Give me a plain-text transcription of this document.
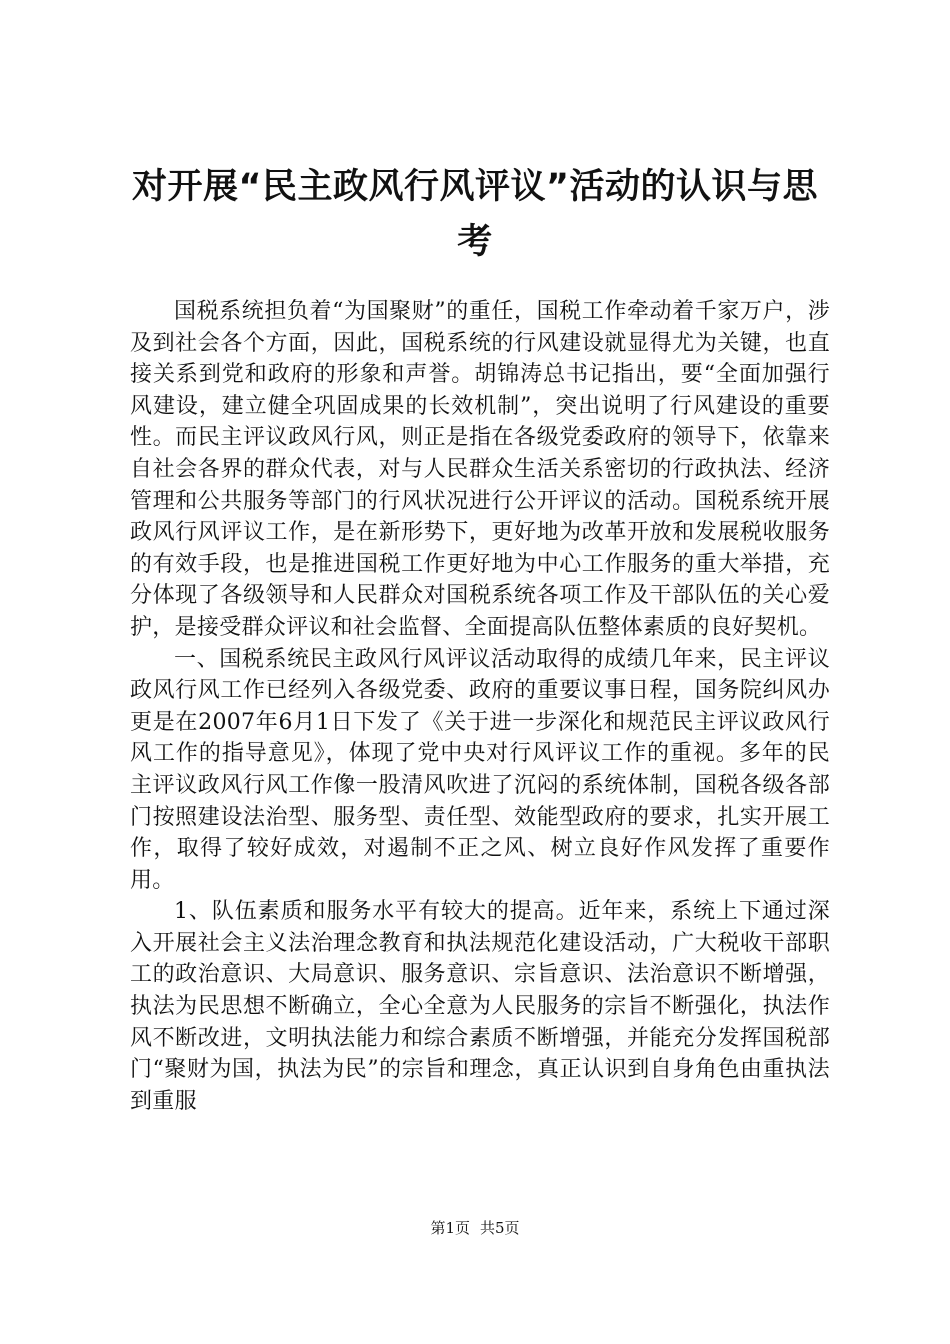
对开展“民主政风行风评议”活动的认识与思考

国税系统担负着“为国聚财”的重任，国税工作牵动着千家万户，涉及到社会各个方面，因此，国税系统的行风建设就显得尤为关键，也直接关系到党和政府的形象和声誉。胡锦涛总书记指出，要“全面加强行风建设，建立健全巩固成果的长效机制”，突出说明了行风建设的重要性。而民主评议政风行风，则正是指在各级党委政府的领导下，依靠来自社会各界的群众代表，对与人民群众生活关系密切的行政执法、经济管理和公共服务等部门的行风状况进行公开评议的活动。国税系统开展政风行风评议工作，是在新形势下，更好地为改革开放和发展税收服务的有效手段，也是推进国税工作更好地为中心工作服务的重大举措，充分体现了各级领导和人民群众对国税系统各项工作及干部队伍的关心爱护，是接受群众评议和社会监督、全面提高队伍整体素质的良好契机。

一、国税系统民主政风行风评议活动取得的成绩几年来，民主评议政风行风工作已经列入各级党委、政府的重要议事日程，国务院纠风办更是在2007年6月1日下发了《关于进一步深化和规范民主评议政风行风工作的指导意见》，体现了党中央对行风评议工作的重视。多年的民主评议政风行风工作像一股清风吹进了沉闷的系统体制，国税各级各部门按照建设法治型、服务型、责任型、效能型政府的要求，扎实开展工作，取得了较好成效，对遏制不正之风、树立良好作风发挥了重要作用。

1、队伍素质和服务水平有较大的提高。近年来，系统上下通过深入开展社会主义法治理念教育和执法规范化建设活动，广大税收干部职工的政治意识、大局意识、服务意识、宗旨意识、法治意识不断增强，执法为民思想不断确立，全心全意为人民服务的宗旨不断强化，执法作风不断改进，文明执法能力和综合素质不断增强，并能充分发挥国税部门“聚财为国，执法为民”的宗旨和理念，真正认识到自身角色由重执法到重服

第1页 共5页
